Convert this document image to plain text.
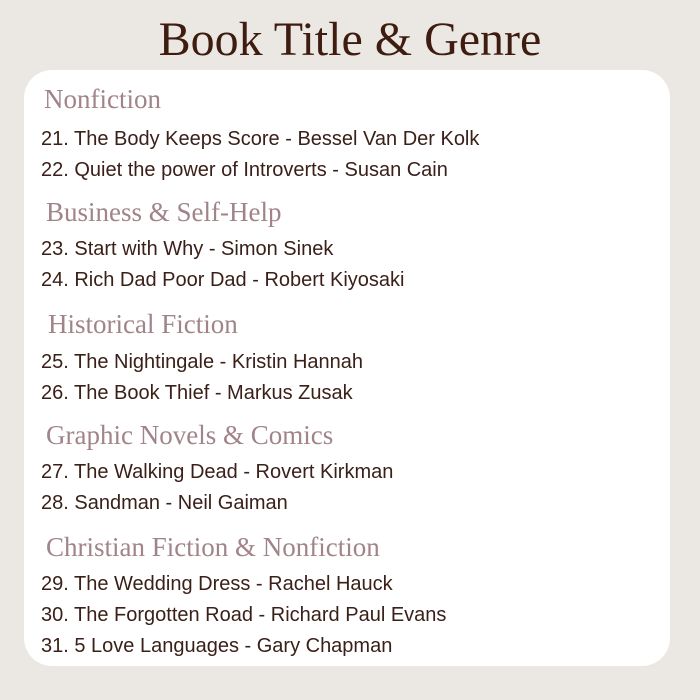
Book Title & Genre
Nonfiction
21. The Body Keeps Score - Bessel Van Der Kolk
22. Quiet the power of Introverts - Susan Cain
Business & Self-Help
23. Start with Why - Simon Sinek
24. Rich Dad Poor Dad - Robert Kiyosaki
Historical Fiction
25. The Nightingale - Kristin Hannah
26. The Book Thief - Markus Zusak
Graphic Novels & Comics
27. The Walking Dead - Rovert Kirkman
28. Sandman - Neil Gaiman
Christian Fiction & Nonfiction
29. The Wedding Dress - Rachel Hauck
30. The Forgotten Road - Richard Paul Evans
31. 5 Love Languages - Gary Chapman
